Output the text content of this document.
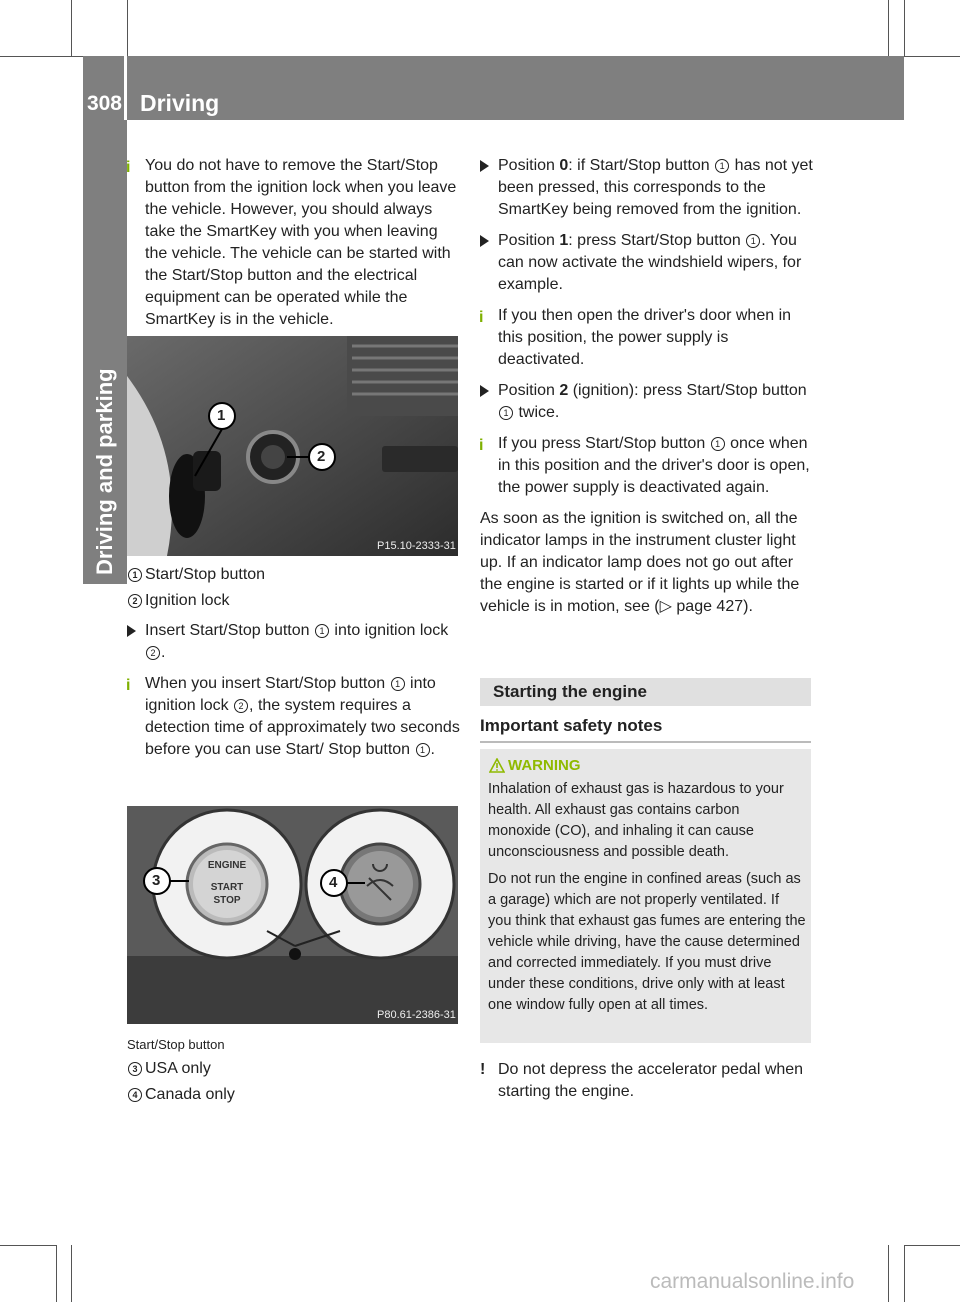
308 Driving
Driving and parking
i You do not have to remove the Start/Stop button from the ignition lock when you leave the vehicle. However, you should always take the SmartKey with you when leaving the vehicle. The vehicle can be started with the Start/Stop button and the electrical equipment can be operated while the SmartKey is in the vehicle.
1
2
P15.10-2333-31
1 Start/Stop button
2 Ignition lock
Insert Start/Stop button 1 into ignition lock 2 .
i When you insert Start/Stop button 1 into ignition lock 2 , the system requires a detection time of approximately two seconds before you can use Start/ Stop button 1 .
3	4
ENGINE
START
STOP
P80.61-2386-31
Start/Stop button
3 USA only
4 Canada only
Position 0: if Start/Stop button 1 has not yet been pressed, this corresponds to the SmartKey being removed from the ignition.
Position 1: press Start/Stop button 1 . You can now activate the windshield wipers, for example.
i If you then open the driver's door when in this position, the power supply is deactivated.
Position 2 (ignition): press Start/Stop button 1 twice.
i If you press Start/Stop button 1 once when in this position and the driver's door is open, the power supply is deactivated again.
As soon as the ignition is switched on, all the indicator lamps in the instrument cluster light up. If an indicator lamp does not go out after the engine is started or if it lights up while the vehicle is in motion, see (▷ page 427).
Starting the engine
Important safety notes
WARNING

Inhalation of exhaust gas is hazardous to your health. All exhaust gas contains carbon monoxide (CO), and inhaling it can cause unconsciousness and possible death.

Do not run the engine in confined areas (such as a garage) which are not properly ventilated. If you think that exhaust gas fumes are entering the vehicle while driving, have the cause determined and corrected immediately. If you must drive under these conditions, drive only with at least one window fully open at all times.

! Do not depress the accelerator pedal when starting the engine.
carmanualsonline.info
